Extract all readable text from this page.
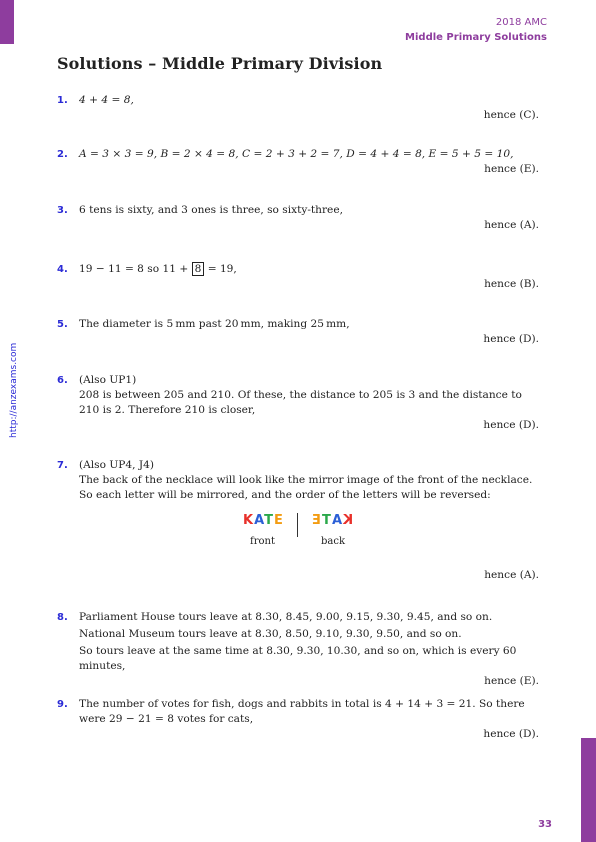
2018 AMC
Middle Primary Solutions
http://anzexams.com
Solutions – Middle Primary Division
1. 4 + 4 = 8,
hence (C).
2. A = 3 × 3 = 9, B = 2 × 4 = 8, C = 2 + 3 + 2 = 7, D = 4 + 4 = 8, E = 5 + 5 = 10,
hence (E).
3. 6 tens is sixty, and 3 ones is three, so sixty-three,
hence (A).
4. 19 − 11 = 8 so 11 + 8 = 19,
hence (B).
5. The diameter is 5 mm past 20 mm, making 25 mm,
hence (D).
6. (Also UP1)
208 is between 205 and 210. Of these, the distance to 205 is 3 and the distance to 210 is 2. Therefore 210 is closer,
hence (D).
7. (Also UP4, J4)
The back of the necklace will look like the mirror image of the front of the necklace. So each letter will be mirrored, and the order of the letters will be reversed:
KATE ETAK
front	back
hence (A).
8. Parliament House tours leave at 8.30, 8.45, 9.00, 9.15, 9.30, 9.45, and so on.
National Museum tours leave at 8.30, 8.50, 9.10, 9.30, 9.50, and so on.
So tours leave at the same time at 8.30, 9.30, 10.30, and so on, which is every 60 minutes,
hence (E).
9. The number of votes for fish, dogs and rabbits in total is 4 + 14 + 3 = 21. So there were 29 − 21 = 8 votes for cats,
hence (D).
33
